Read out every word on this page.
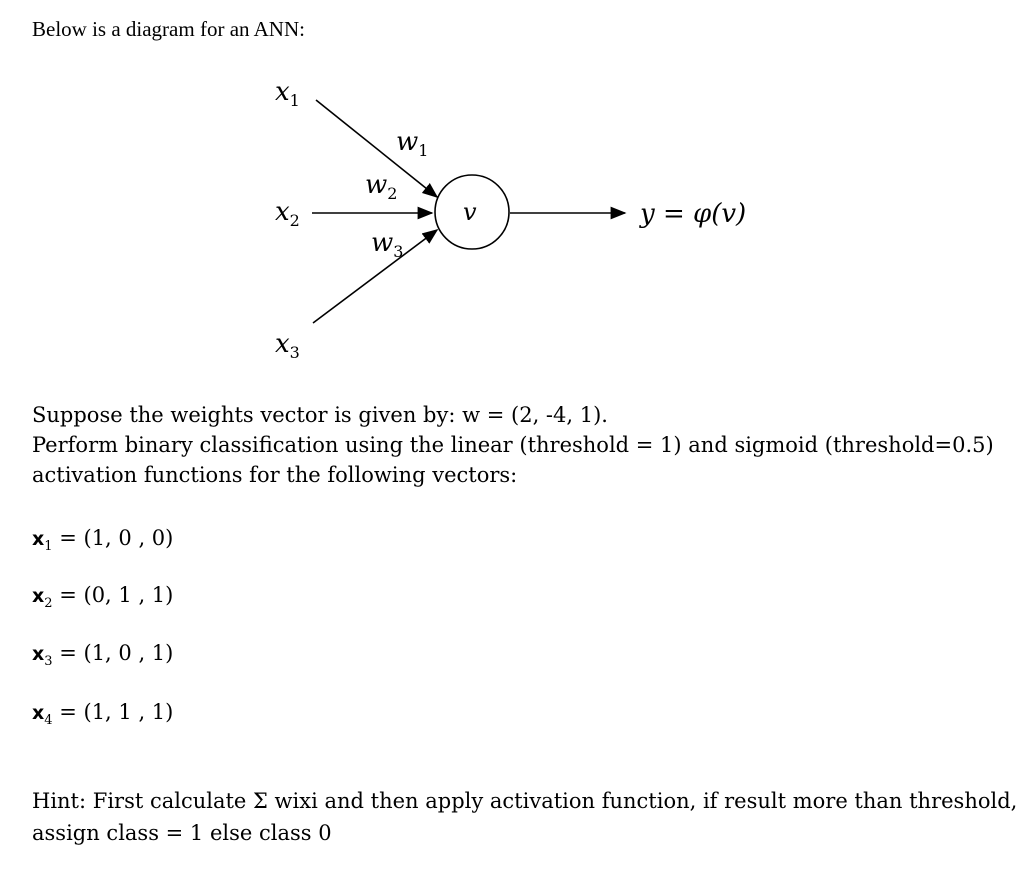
Below is a diagram for an ANN:
$x_1$
$x_2$
$x_3$
$w_1$
$w_2$
$w_3$
v	y = φ(v)
Suppose the weights vector is given by: w = (2, -4, 1).
Perform binary classification using the linear (threshold = 1) and sigmoid (threshold=0.5)
activation functions for the following vectors:
$x_1 = (1$, 0 , 0)
$x_2 = (0$, 1 , 1)
$x_3 = (1$, 0 , 1)
$x_4 = (1$, 1 , 1)
Hint: First calculate Σ wixi and then apply activation function, if result more than threshold,
assign class = 1 else class 0
